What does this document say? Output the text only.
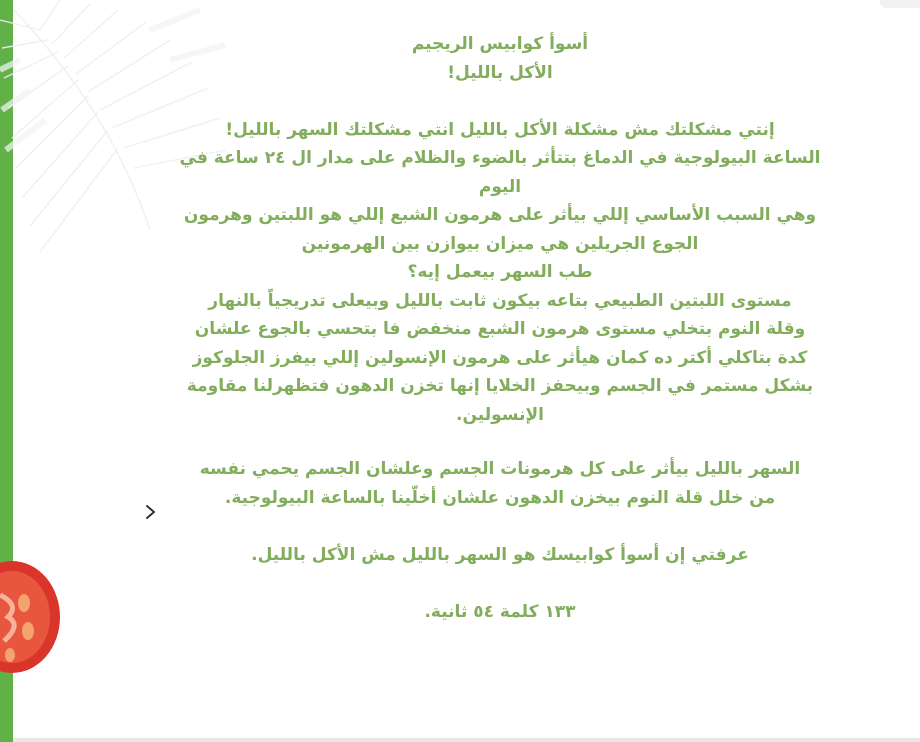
أسوأ كوابيس الريجيم

الأكل بالليل!

إنتي مشكلتك مش مشكلة الأكل بالليل انتي مشكلتك السهر بالليل!

الساعة البيولوجية في الدماغ بتتأثر بالضوء والظلام على مدار ال ٢٤ ساعة في

اليوم

وهي السبب الأساسي إللي بيأثر على هرمون الشبع إللي هو اللبتين وهرمون

الجوع الجريلين هي ميزان بيوازن بين الهرمونين

طب السهر بيعمل إيه؟

مستوى اللبتين الطبيعي بتاعه بيكون ثابت بالليل وبيعلى تدريجياً بالنهار

وقلة النوم بتخلي مستوى هرمون الشبع منخفض فا بتحسي بالجوع علشان

كدة بتاكلي أكتر ده كمان هيأثر على هرمون الإنسولين إللي بيفرز الجلوكوز

بشكل مستمر في الجسم وبيحفز الخلايا إنها تخزن الدهون فتظهرلنا مقاومة

الإنسولين.

السهر بالليل بيأثر على كل هرمونات الجسم وعلشان الجسم يحمي نفسه

من خلل قلة النوم بيخزن الدهون علشان أخلّينا بالساعة البيولوجية.

عرفتي إن أسوأ كوابيسك هو السهر بالليل مش الأكل بالليل.

١٣٣ كلمة ٥٤ ثانية.
